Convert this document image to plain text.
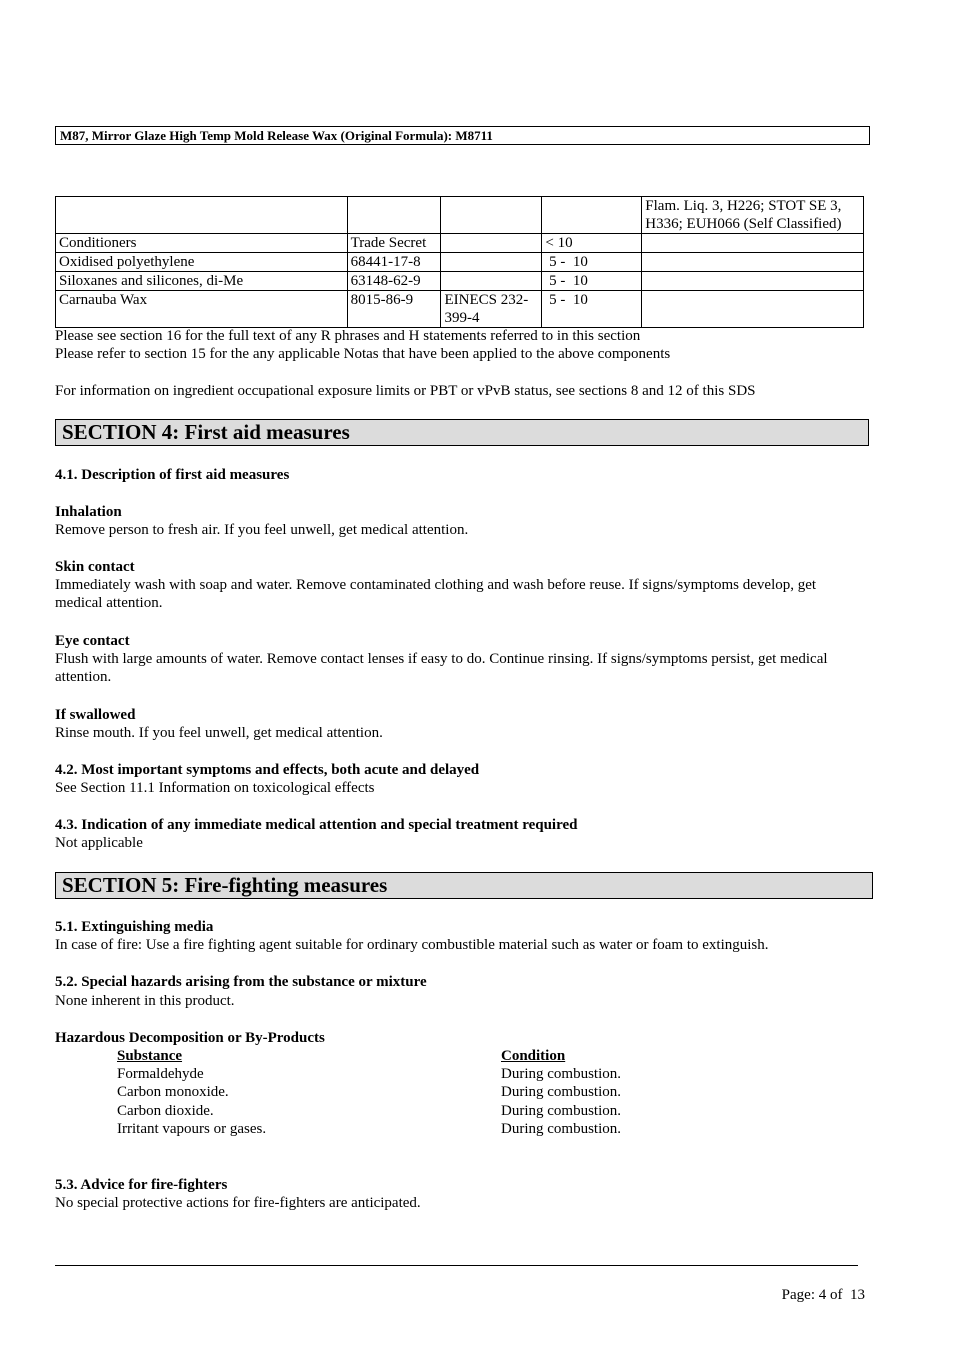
M87, Mirror Glaze High Temp Mold Release Wax (Original Formula): M8711
				Flam. Liq. 3, H226; STOT SE 3, H336; EUH066 (Self Classified)
Conditioners	Trade Secret		< 10	
Oxidised polyethylene	68441-17-8		5 -  10	
Siloxanes and silicones, di-Me	63148-62-9		5 -  10	
Carnauba Wax	8015-86-9	EINECS 232-399-4	5 -  10	
Please see section 16 for the full text of any R phrases and H statements referred to in this section
Please refer to section 15 for the any applicable Notas that have been applied to the above components
For information on ingredient occupational exposure limits or PBT or vPvB status, see sections 8 and 12 of this SDS
SECTION 4: First aid measures
4.1. Description of first aid measures
Inhalation
Remove person to fresh air. If you feel unwell, get medical attention.
Skin contact
Immediately wash with soap and water. Remove contaminated clothing and wash before reuse. If signs/symptoms develop, get medical attention.
Eye contact
Flush with large amounts of water. Remove contact lenses if easy to do. Continue rinsing. If signs/symptoms persist, get medical attention.
If swallowed
Rinse mouth. If you feel unwell, get medical attention.
4.2. Most important symptoms and effects, both acute and delayed
See Section 11.1 Information on toxicological effects
4.3. Indication of any immediate medical attention and special treatment required
Not applicable
SECTION 5: Fire-fighting measures
5.1. Extinguishing media
In case of fire: Use a fire fighting agent suitable for ordinary combustible material such as water or foam to extinguish.
5.2. Special hazards arising from the substance or mixture
None inherent in this product.
Hazardous Decomposition or By-Products
Substance	Condition
Formaldehyde	During combustion.
Carbon monoxide.	During combustion.
Carbon dioxide.	During combustion.
Irritant vapours or gases.	During combustion.
5.3. Advice for fire-fighters
No special protective actions for fire-fighters are anticipated.
Page: 4 of  13
